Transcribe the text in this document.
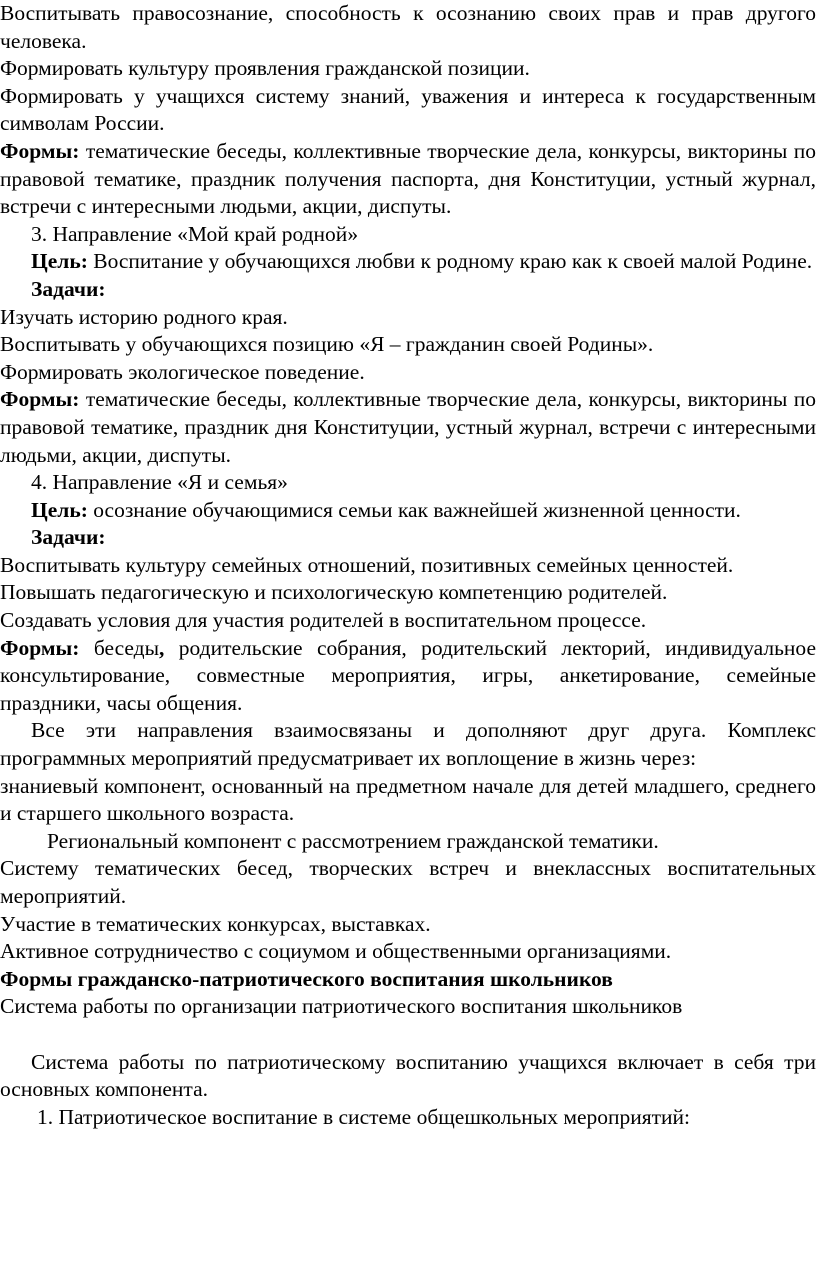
Воспитывать правосознание, способность к осознанию своих прав и прав другого человека.

Формировать культуру проявления гражданской позиции.

Формировать у учащихся систему знаний, уважения и интереса к государственным символам России.

Формы: тематические беседы, коллективные творческие дела, конкурсы, викторины по правовой тематике, праздник получения паспорта, дня Конституции, устный журнал, встречи с интересными людьми, акции, диспуты.

3. Направление «Мой край родной»

Цель: Воспитание у обучающихся любви к родному краю как к своей малой Родине.

Задачи:

Изучать историю родного края.

Воспитывать у обучающихся позицию «Я – гражданин своей Родины».

Формировать экологическое поведение.

Формы: тематические беседы, коллективные творческие дела, конкурсы, викторины по правовой тематике, праздник дня Конституции, устный журнал, встречи с интересными людьми, акции, диспуты.

4. Направление «Я и семья»

Цель: осознание обучающимися семьи как важнейшей жизненной ценности.

Задачи:

Воспитывать культуру семейных отношений, позитивных семейных ценностей.

Повышать педагогическую и психологическую компетенцию родителей.

Создавать условия для участия родителей в воспитательном процессе.

Формы: беседы, родительские собрания, родительский лекторий, индивидуальное консультирование, совместные мероприятия, игры, анкетирование, семейные праздники, часы общения.

Все эти направления взаимосвязаны и дополняют друг друга. Комплекс программных мероприятий предусматривает их воплощение в жизнь через:

знаниевый компонент, основанный на предметном начале для детей младшего, среднего и старшего школьного возраста.

Региональный компонент с рассмотрением гражданской тематики.

Систему тематических бесед, творческих встреч и внеклассных воспитательных мероприятий.

Участие в тематических конкурсах, выставках.

Активное сотрудничество с социумом и общественными организациями.

Формы гражданско-патриотического воспитания школьников

Система работы по организации патриотического воспитания школьников

Система работы по патриотическому воспитанию учащихся включает в себя три основных компонента.

1. Патриотическое воспитание в системе общешкольных мероприятий:
